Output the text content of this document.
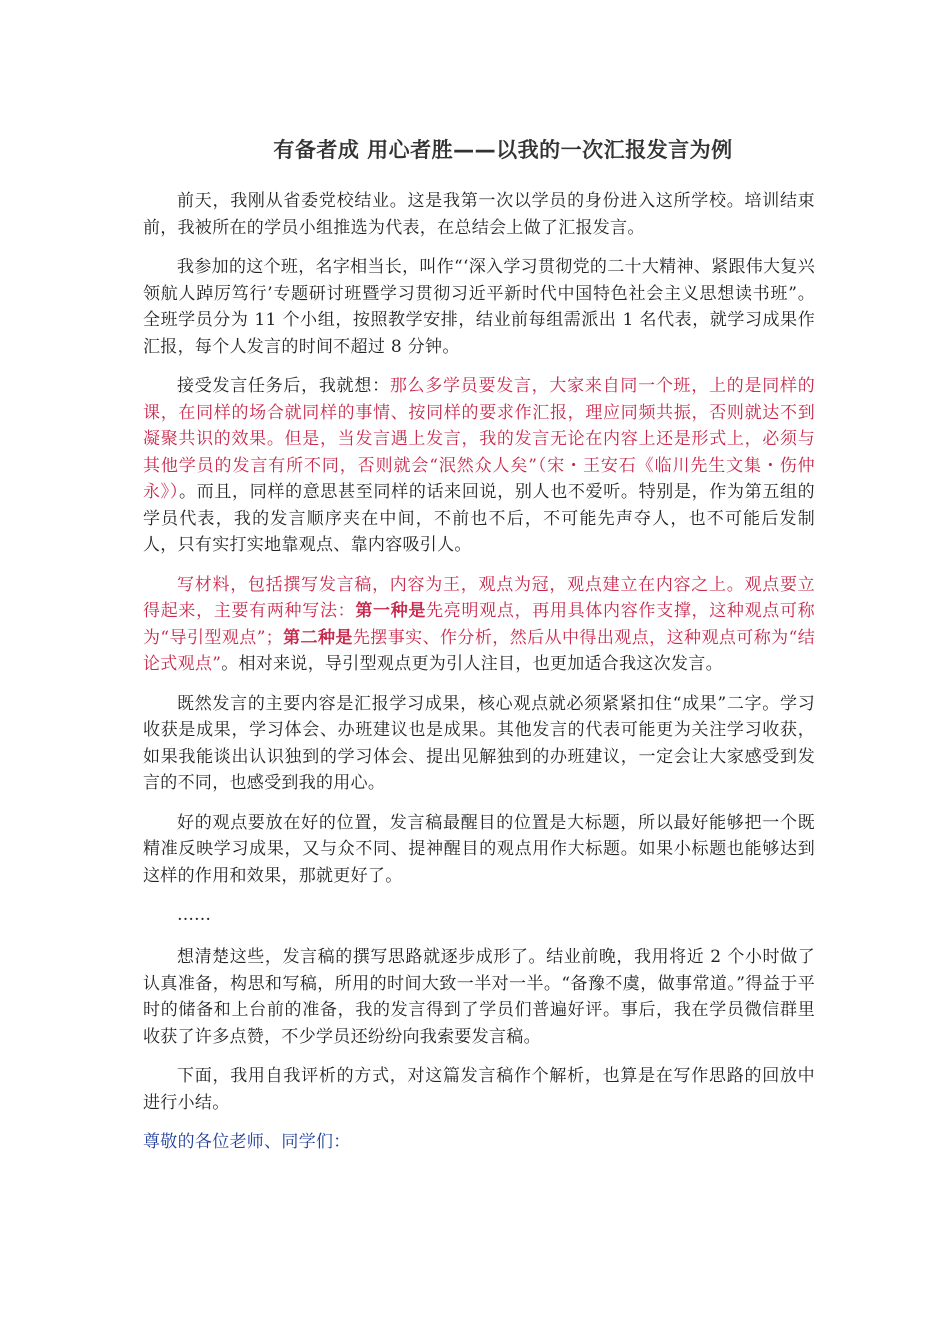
有备者成 用心者胜——以我的一次汇报发言为例

前天，我刚从省委党校结业。这是我第一次以学员的身份进入这所学校。培训结束前，我被所在的学员小组推选为代表，在总结会上做了汇报发言。

我参加的这个班，名字相当长，叫作“‘深入学习贯彻党的二十大精神、紧跟伟大复兴领航人踔厉笃行’专题研讨班暨学习贯彻习近平新时代中国特色社会主义思想读书班”。全班学员分为 11 个小组，按照教学安排，结业前每组需派出 1 名代表，就学习成果作汇报，每个人发言的时间不超过 8 分钟。

接受发言任务后，我就想：那么多学员要发言，大家来自同一个班，上的是同样的课，在同样的场合就同样的事情、按同样的要求作汇报，理应同频共振，否则就达不到凝聚共识的效果。但是，当发言遇上发言，我的发言无论在内容上还是形式上，必须与其他学员的发言有所不同，否则就会“泯然众人矣”（宋・王安石《临川先生文集・伤仲永》）。而且，同样的意思甚至同样的话来回说，别人也不爱听。特别是，作为第五组的学员代表，我的发言顺序夹在中间，不前也不后，不可能先声夺人，也不可能后发制人，只有实打实地靠观点、靠内容吸引人。

写材料，包括撰写发言稿，内容为王，观点为冠，观点建立在内容之上。观点要立得起来，主要有两种写法：第一种是先亮明观点，再用具体内容作支撑，这种观点可称为“导引型观点”；第二种是先摆事实、作分析，然后从中得出观点，这种观点可称为“结论式观点”。相对来说，导引型观点更为引人注目，也更加适合我这次发言。

既然发言的主要内容是汇报学习成果，核心观点就必须紧紧扣住“成果”二字。学习收获是成果，学习体会、办班建议也是成果。其他发言的代表可能更为关注学习收获，如果我能谈出认识独到的学习体会、提出见解独到的办班建议，一定会让大家感受到发言的不同，也感受到我的用心。

好的观点要放在好的位置，发言稿最醒目的位置是大标题，所以最好能够把一个既精准反映学习成果，又与众不同、提神醒目的观点用作大标题。如果小标题也能够达到这样的作用和效果，那就更好了。

……

想清楚这些，发言稿的撰写思路就逐步成形了。结业前晚，我用将近 2 个小时做了认真准备，构思和写稿，所用的时间大致一半对一半。“备豫不虞，做事常道。”得益于平时的储备和上台前的准备，我的发言得到了学员们普遍好评。事后，我在学员微信群里收获了许多点赞，不少学员还纷纷向我索要发言稿。

下面，我用自我评析的方式，对这篇发言稿作个解析，也算是在写作思路的回放中进行小结。

尊敬的各位老师、同学们：
